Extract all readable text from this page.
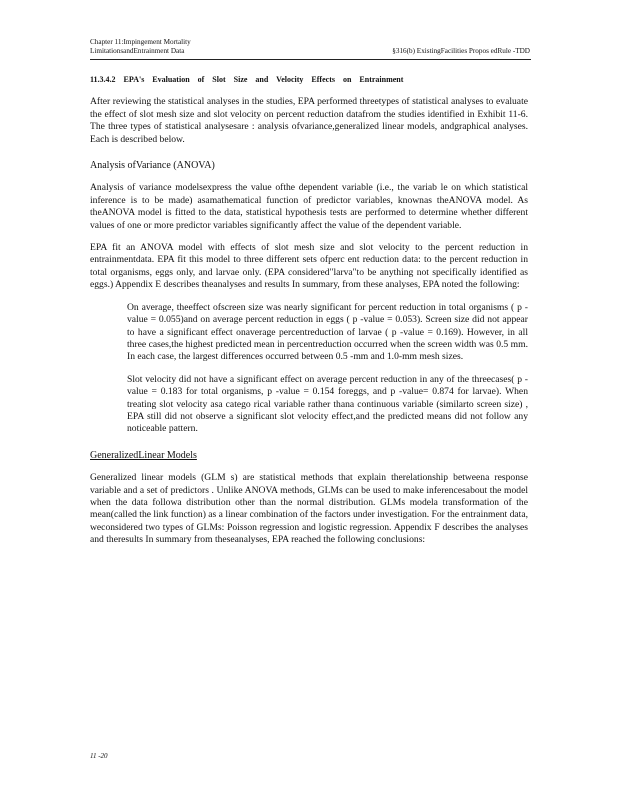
Chapter 11:Impingement Mortality
LimitationsandEntrainment Data	§316(b) ExistingFacilities Propos edRule -TDD
11.3.4.2 EPA's Evaluation of Slot Size and Velocity Effects on Entrainment

After reviewing the statistical analyses in the studies, EPA performed threetypes of statistical analyses to evaluate the effect of slot mesh size and slot velocity on percent reduction datafrom the studies identified in Exhibit 11-6. The three types of statistical analysesare : analysis ofvariance,generalized linear models, andgraphical analyses. Each is described below.

Analysis ofVariance (ANOVA)

Analysis of variance modelsexpress the value ofthe dependent variable (i.e., the variab le on which statistical inference is to be made) asamathematical function of predictor variables, knownas theANOVA model. As theANOVA model is fitted to the data, statistical hypothesis tests are performed to determine whether different values of one or more predictor variables significantly affect the value of the dependent variable.

EPA fit an ANOVA model with effects of slot mesh size and slot velocity to the percent reduction in entrainmentdata. EPA fit this model to three different sets ofperc ent reduction data: to the percent reduction in total organisms, eggs only, and larvae only. (EPA considered"larva"to be anything not specifically identified as eggs.) Appendix E describes theanalyses and results In summary, from these analyses, EPA noted the following:

On average, theeffect ofscreen size was nearly significant for percent reduction in total organisms ( p -value = 0.055)and on average percent reduction in eggs ( p -value = 0.053). Screen size did not appear to have a significant effect onaverage percentreduction of larvae ( p -value = 0.169). However, in all three cases,the highest predicted mean in percentreduction occurred when the screen width was 0.5 mm. In each case, the largest differences occurred between 0.5 -mm and 1.0-mm mesh sizes.
Slot velocity did not have a significant effect on average percent reduction in any of the threecases( p -value = 0.183 for total organisms, p -value = 0.154 foreggs, and p -value= 0.874 for larvae). When treating slot velocity asa catego rical variable rather thana continuous variable (similarto screen size) , EPA still did not observe a significant slot velocity effect,and the predicted means did not follow any noticeable pattern.
GeneralizedLinear Models

Generalized linear models (GLM s) are statistical methods that explain therelationship betweena response variable and a set of predictors . Unlike ANOVA methods, GLMs can be used to make inferencesabout the model when the data followa distribution other than the normal distribution. GLMs modela transformation of the mean(called the link function) as a linear combination of the factors under investigation. For the entrainment data, weconsidered two types of GLMs: Poisson regression and logistic regression. Appendix F describes the analyses and theresults In summary from theseanalyses, EPA reached the following conclusions:

11 -20
